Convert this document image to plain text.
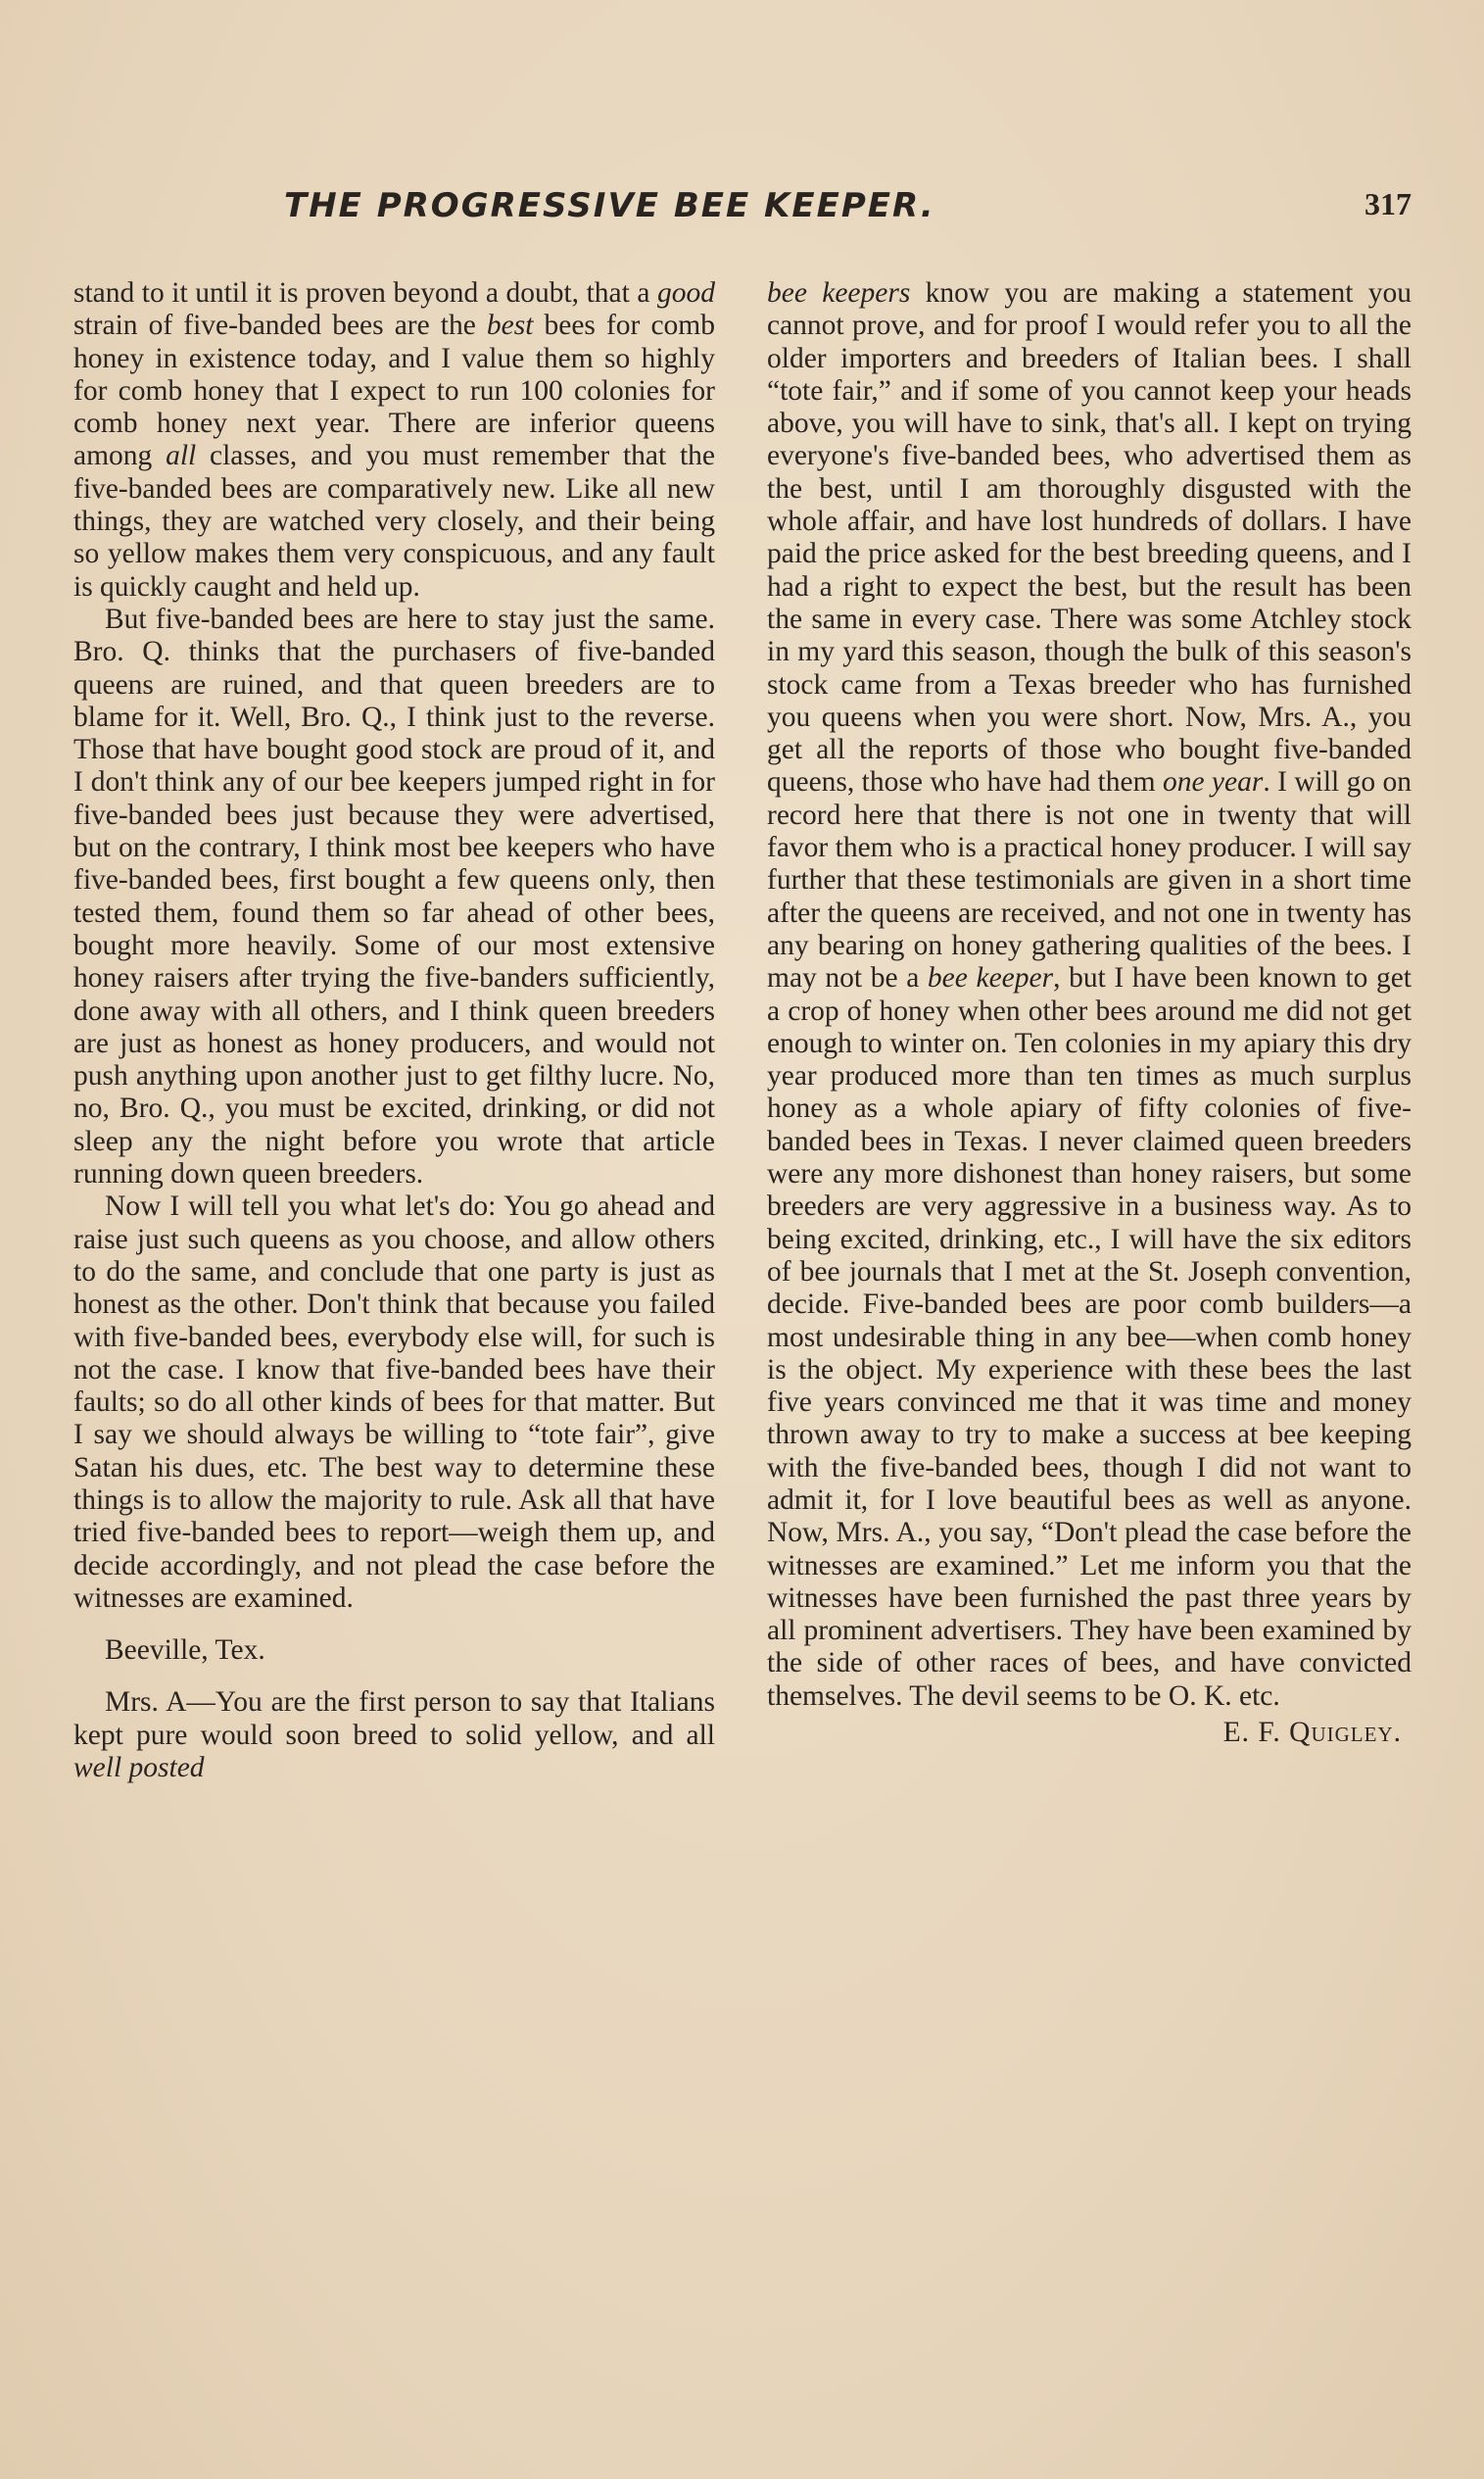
THE PROGRESSIVE BEE KEEPER.	317

stand to it until it is proven beyond a doubt, that a good strain of five-banded bees are the best bees for comb honey in existence today, and I value them so highly for comb honey that I expect to run 100 colonies for comb honey next year. There are inferior queens among all classes, and you must remember that the five-banded bees are comparatively new. Like all new things, they are watched very closely, and their being so yellow makes them very conspicuous, and any fault is quickly caught and held up.

But five-banded bees are here to stay just the same. Bro. Q. thinks that the purchasers of five-banded queens are ruined, and that queen breeders are to blame for it. Well, Bro. Q., I think just to the reverse. Those that have bought good stock are proud of it, and I don't think any of our bee keepers jumped right in for five-banded bees just because they were advertised, but on the contrary, I think most bee keepers who have five-banded bees, first bought a few queens only, then tested them, found them so far ahead of other bees, bought more heavily. Some of our most extensive honey raisers after trying the five-banders sufficiently, done away with all others, and I think queen breeders are just as honest as honey producers, and would not push anything upon another just to get filthy lucre. No, no, Bro. Q., you must be excited, drinking, or did not sleep any the night before you wrote that article running down queen breeders.

Now I will tell you what let's do: You go ahead and raise just such queens as you choose, and allow others to do the same, and conclude that one party is just as honest as the other. Don't think that because you failed with five-banded bees, everybody else will, for such is not the case. I know that five-banded bees have their faults; so do all other kinds of bees for that matter. But I say we should always be willing to “tote fair”, give Satan his dues, etc. The best way to determine these things is to allow the majority to rule. Ask all that have tried five-banded bees to report—weigh them up, and decide accordingly, and not plead the case before the witnesses are examined.

Beeville, Tex.

Mrs. A—You are the first person to say that Italians kept pure would soon breed to solid yellow, and all well posted

bee keepers know you are making a statement you cannot prove, and for proof I would refer you to all the older importers and breeders of Italian bees. I shall “tote fair,” and if some of you cannot keep your heads above, you will have to sink, that's all. I kept on trying everyone's five-banded bees, who advertised them as the best, until I am thoroughly disgusted with the whole affair, and have lost hundreds of dollars. I have paid the price asked for the best breeding queens, and I had a right to expect the best, but the result has been the same in every case. There was some Atchley stock in my yard this season, though the bulk of this season's stock came from a Texas breeder who has furnished you queens when you were short. Now, Mrs. A., you get all the reports of those who bought five-banded queens, those who have had them one year. I will go on record here that there is not one in twenty that will favor them who is a practical honey producer. I will say further that these testimonials are given in a short time after the queens are received, and not one in twenty has any bearing on honey gathering qualities of the bees. I may not be a bee keeper, but I have been known to get a crop of honey when other bees around me did not get enough to winter on. Ten colonies in my apiary this dry year produced more than ten times as much surplus honey as a whole apiary of fifty colonies of five-banded bees in Texas. I never claimed queen breeders were any more dishonest than honey raisers, but some breeders are very aggressive in a business way. As to being excited, drinking, etc., I will have the six editors of bee journals that I met at the St. Joseph convention, decide. Five-banded bees are poor comb builders—a most undesirable thing in any bee—when comb honey is the object. My experience with these bees the last five years convinced me that it was time and money thrown away to try to make a success at bee keeping with the five-banded bees, though I did not want to admit it, for I love beautiful bees as well as anyone. Now, Mrs. A., you say, “Don't plead the case before the witnesses are examined.” Let me inform you that the witnesses have been furnished the past three years by all prominent advertisers. They have been examined by the side of other races of bees, and have convicted themselves. The devil seems to be O. K. etc.

E. F. Quigley.
